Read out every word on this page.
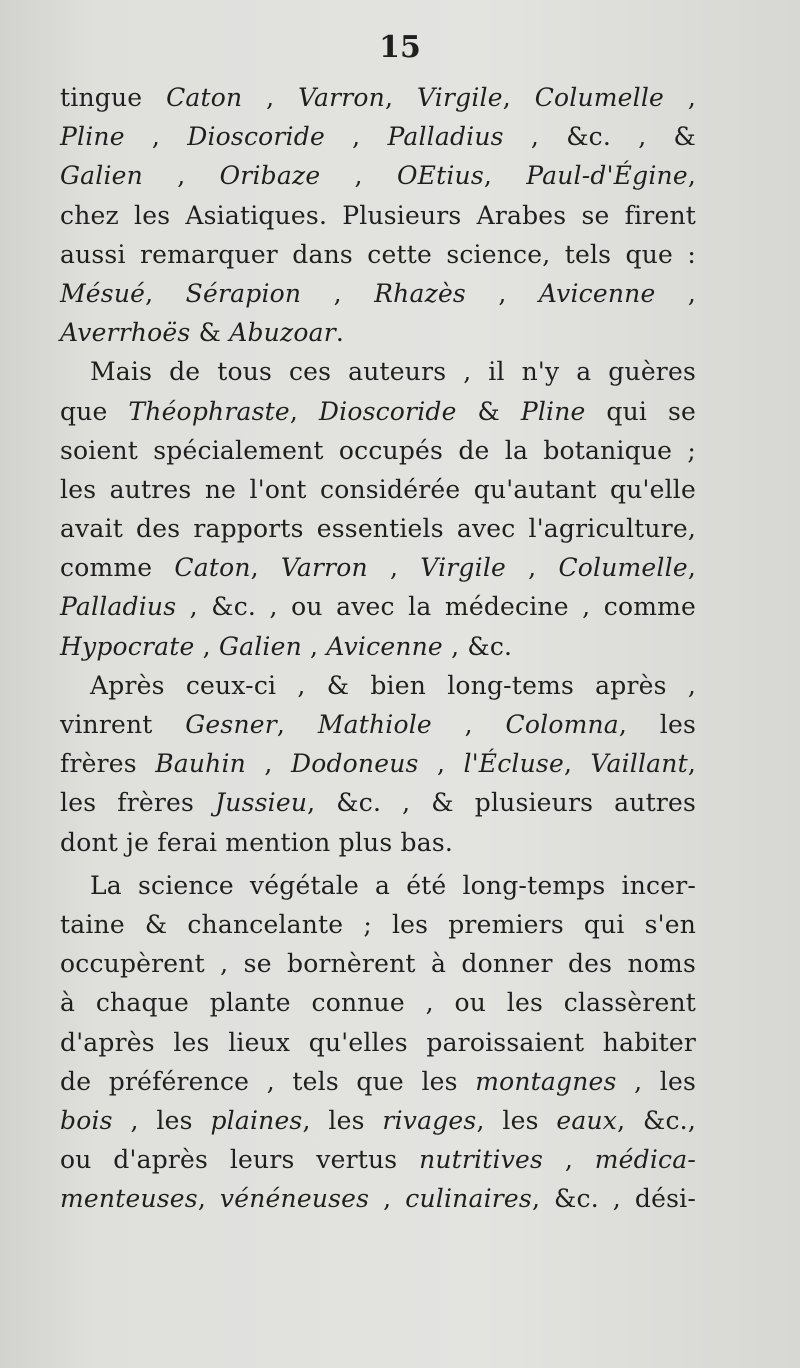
15
tingue Caton , Varron, Virgile, Columelle ,
Pline , Dioscoride , Palladius , &c. , &
Galien , Oribaze , OEtius, Paul-d'Égine,
chez les Asiatiques. Plusieurs Arabes se firent
aussi remarquer dans cette science, tels que :
Mésué, Sérapion , Rhazès , Avicenne ,
Averrhoës & Abuzoar.
Mais de tous ces auteurs , il n'y a guères
que Théophraste, Dioscoride & Pline qui se
soient spécialement occupés de la botanique ;
les autres ne l'ont considérée qu'autant qu'elle
avait des rapports essentiels avec l'agriculture,
comme Caton, Varron , Virgile , Columelle,
Palladius , &c. , ou avec la médecine , comme
Hypocrate , Galien , Avicenne , &c.
Après ceux-ci , & bien long-tems après ,
vinrent Gesner, Mathiole , Colomna, les
frères Bauhin , Dodoneus , l'Écluse, Vaillant,
les frères Jussieu, &c. , & plusieurs autres
dont je ferai mention plus bas.
La science végétale a été long-temps incer-
taine & chancelante ; les premiers qui s'en
occupèrent , se bornèrent à donner des noms
à chaque plante connue , ou les classèrent
d'après les lieux qu'elles paroissaient habiter
de préférence , tels que les montagnes , les
bois , les plaines, les rivages, les eaux, &c.,
ou d'après leurs vertus nutritives , médica-
menteuses, vénéneuses , culinaires, &c. , dési-
